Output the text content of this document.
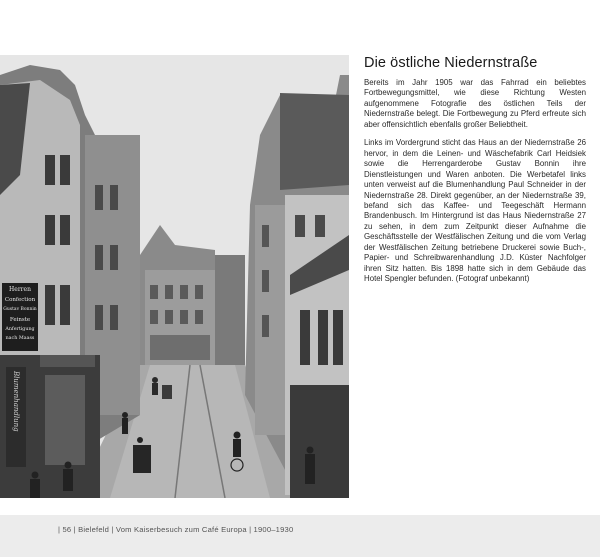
Herren
Confection
Gustav Bonnin
Feinste
Anfertigung
nach Maass
Blumenhandlung
Die östliche Niedernstraße

Bereits im Jahr 1905 war das Fahrrad ein beliebtes Fortbewegungsmittel, wie diese Richtung Westen aufgenommene Fotografie des östlichen Teils der Niedernstraße belegt. Die Fortbewegung zu Pferd erfreute sich aber offensichtlich ebenfalls großer Beliebtheit.

Links im Vordergrund sticht das Haus an der Niedernstraße 26 hervor, in dem die Leinen- und Wäschefabrik Carl Heidsiek sowie die Herrengarderobe Gustav Bonnin ihre Dienstleistungen und Waren anboten. Die Werbetafel links unten verweist auf die Blumenhandlung Paul Schneider in der Niedernstraße 28. Direkt gegenüber, an der Niedernstraße 39, befand sich das Kaffee- und Teegeschäft Hermann Brandenbusch. Im Hintergrund ist das Haus Niedernstraße 27 zu sehen, in dem zum Zeitpunkt dieser Aufnahme die Geschäftsstelle der Westfälischen Zeitung und die vom Verlag der Westfälischen Zeitung betriebene Druckerei sowie Buch-, Papier- und Schreibwarenhandlung J.D. Küster Nachfolger ihren Sitz hatten. Bis 1898 hatte sich in dem Gebäude das Hotel Spengler befunden. (Fotograf unbekannt)

| 56 | Bielefeld | Vom Kaiserbesuch zum Café Europa | 1900–1930
